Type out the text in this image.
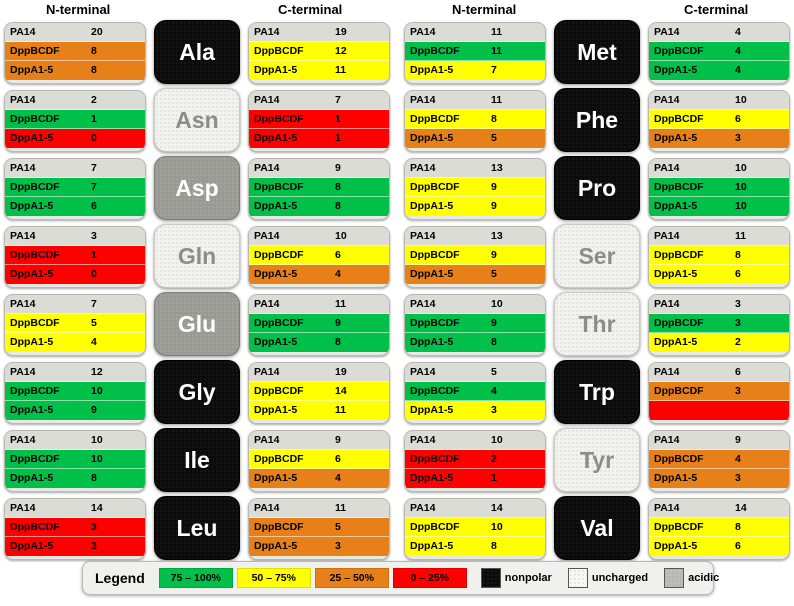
N-terminal	C-terminal	N-terminal	C-terminal
PA14	20
DppBCDF	8
DppA1-5	8
Ala
PA14	19
DppBCDF	12
DppA1-5	11
PA14	2
DppBCDF	1
DppA1-5	0
Asn
PA14	7
DppBCDF	1
DppA1-5	1
PA14	7
DppBCDF	7
DppA1-5	6
Asp
PA14	9
DppBCDF	8
DppA1-5	8
PA14	3
DppBCDF	1
DppA1-5	0
Gln
PA14	10
DppBCDF	6
DppA1-5	4
PA14	7
DppBCDF	5
DppA1-5	4
Glu
PA14	11
DppBCDF	9
DppA1-5	8
PA14	12
DppBCDF	10
DppA1-5	9
Gly
PA14	19
DppBCDF	14
DppA1-5	11
PA14	10
DppBCDF	10
DppA1-5	8
Ile
PA14	9
DppBCDF	6
DppA1-5	4
PA14	14
DppBCDF	3
DppA1-5	3
Leu
PA14	11
DppBCDF	5
DppA1-5	3
PA14	11
DppBCDF	11
DppA1-5	7
Met
PA14	4
DppBCDF	4
DppA1-5	4
PA14	11
DppBCDF	8
DppA1-5	5
Phe
PA14	10
DppBCDF	6
DppA1-5	3
PA14	13
DppBCDF	9
DppA1-5	9
Pro
PA14	10
DppBCDF	10
DppA1-5	10
PA14	13
DppBCDF	9
DppA1-5	5
Ser
PA14	11
DppBCDF	8
DppA1-5	6
PA14	10
DppBCDF	9
DppA1-5	8
Thr
PA14	3
DppBCDF	3
DppA1-5	2
PA14	5
DppBCDF	4
DppA1-5	3
Trp
PA14	6
DppBCDF	3
DppA1-5	0
PA14	10
DppBCDF	2
DppA1-5	1
Tyr
PA14	9
DppBCDF	4
DppA1-5	3
PA14	14
DppBCDF	10
DppA1-5	8
Val
PA14	14
DppBCDF	8
DppA1-5	6
Legend	75 – 100%	50 – 75%	25 – 50%	0 – 25%	nonpolar	uncharged	acidic
